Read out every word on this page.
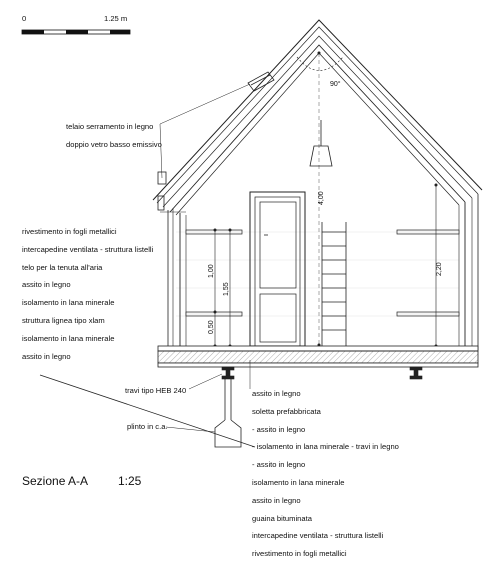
4,00
2,20
1,00
1,55
0,50
90°
0	1.25 m

telaio serramento in legno

doppio vetro basso emissivo

rivestimento in fogli metallici

intercapedine ventilata - struttura listelli

telo per la tenuta all'aria

assito in legno

isolamento in lana minerale

struttura lignea tipo xlam

isolamento in lana minerale

assito in legno

travi tipo HEB 240
plinto in c.a.

assito in legno

soletta prefabbricata

- assito in legno

- isolamento in lana minerale - travi in legno

- assito in legno

isolamento in lana minerale

assito in legno

guaina bituminata

intercapedine ventilata - struttura listelli

rivestimento in fogli metallici

Sezione A-A 1:25
